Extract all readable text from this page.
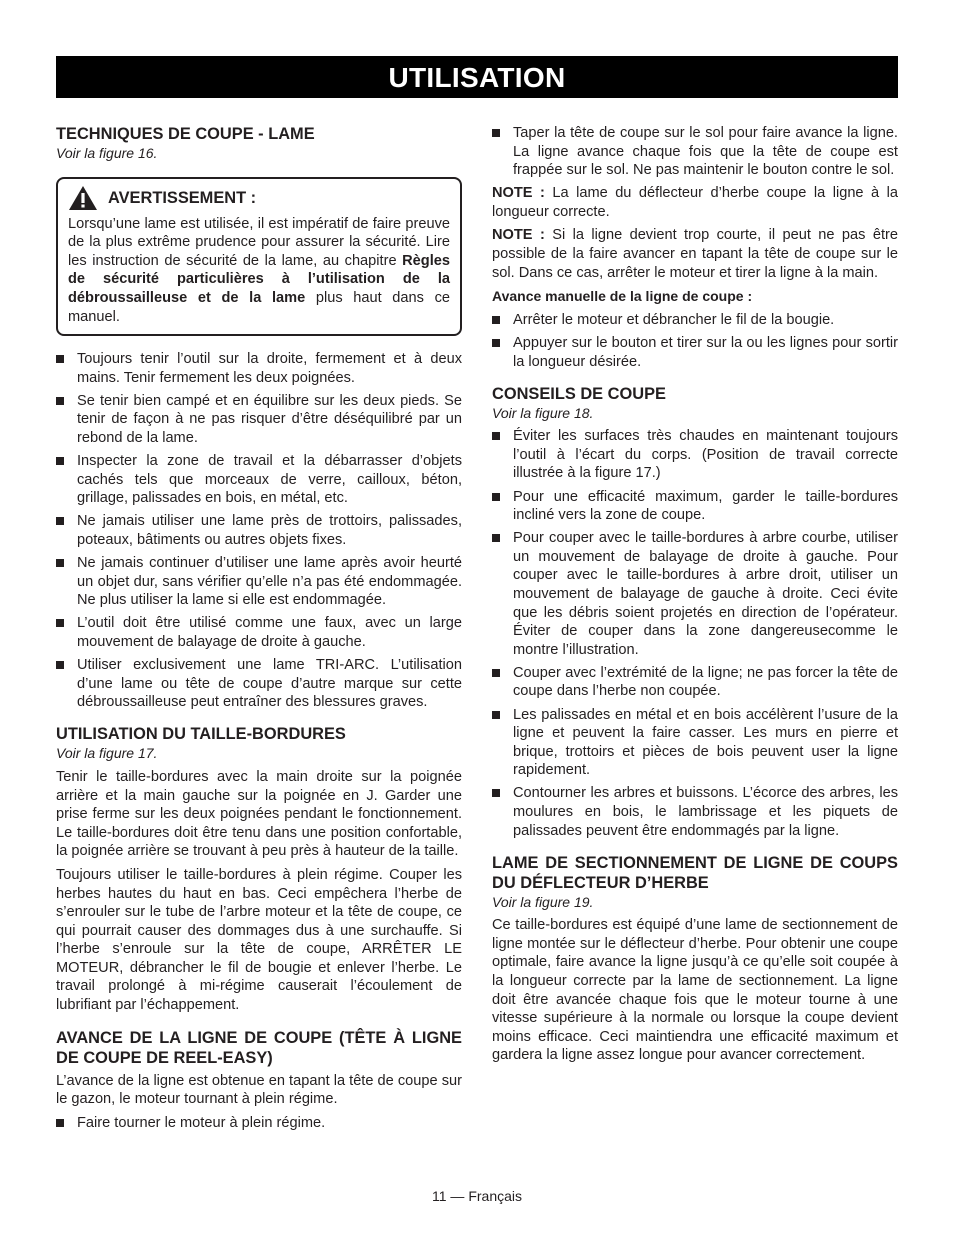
UTILISATION
TECHNIQUES DE COUPE - LAME
Voir la figure 16.
AVERTISSEMENT :

Lorsqu’une lame est utilisée, il est impératif de faire preuve de la plus extrême prudence pour assurer la sécurité. Lire les instruction de sécurité de la lame, au chapitre Règles de sécurité particulières à l’utilisation de la débroussailleuse et de la lame plus haut dans ce manuel.

Toujours tenir l’outil sur la droite, fermement et à deux mains. Tenir fermement les deux poignées.
Se tenir bien campé et en équilibre sur les deux pieds. Se tenir de façon à ne pas risquer d’être déséquilibré par un rebond de la lame.
Inspecter la zone de travail et la débarrasser d’objets cachés tels que morceaux de verre, cailloux, béton, grillage, palissades en bois, en métal, etc.
Ne jamais utiliser une lame près de trottoirs, palissades, poteaux, bâtiments ou autres objets fixes.
Ne jamais continuer d’utiliser une lame après avoir heurté un objet dur, sans vérifier qu’elle n’a pas été endommagée. Ne plus utiliser la lame si elle est endommagée.
L’outil doit être utilisé comme une faux, avec un large mouvement de balayage de droite à gauche.
Utiliser exclusivement une lame TRI-ARC. L’utilisation d’une lame ou tête de coupe d’autre marque sur cette débroussailleuse peut entraîner des blessures graves.
UTILISATION DU TAILLE-BORDURES
Voir la figure 17.

Tenir le taille-bordures avec la main droite sur la poignée arrière et la main gauche sur la poignée en J. Garder une prise ferme sur les deux poignées pendant le fonctionnement. Le taille-bordures doit être tenu dans une position confortable, la poignée arrière se trouvant à peu près à hauteur de la taille.

Toujours utiliser le taille-bordures à plein régime. Couper les herbes hautes du haut en bas. Ceci empêchera l’herbe de s’enrouler sur le tube de l’arbre moteur et la tête de coupe, ce qui pourrait causer des dommages dus à une surchauffe. Si l’herbe s’enroule sur la tête de coupe, ARRÊTER LE MOTEUR, débrancher le fil de bougie et enlever l’herbe. Le travail prolongé à mi-régime causerait l’écoulement de lubrifiant par l’échappement.

AVANCE DE LA LIGNE DE COUPE (TÊTE À LIGNE DE COUPE DE REEL-EASY)

L’avance de la ligne est obtenue en tapant la tête de coupe sur le gazon, le moteur tournant à plein régime.

Faire tourner le moteur à plein régime.
Taper la tête de coupe sur le sol pour faire avance la ligne. La ligne avance chaque fois que la tête de coupe est frappée sur le sol. Ne pas maintenir le bouton contre le sol.

NOTE : La lame du déflecteur d’herbe coupe la ligne à la longueur correcte.

NOTE : Si la ligne devient trop courte, il peut ne pas être possible de la faire avancer en tapant la tête de coupe sur le sol. Dans ce cas, arrêter le moteur et tirer la ligne à la main.

Avance manuelle de la ligne de coupe :
Arrêter le moteur et débrancher le fil de la bougie.
Appuyer sur le bouton et tirer sur la ou les lignes pour sortir la longueur désirée.
CONSEILS DE COUPE
Voir la figure 18.
Éviter les surfaces très chaudes en maintenant toujours l’outil à l’écart du corps. (Position de travail correcte illustrée à la figure 17.)
Pour une efficacité maximum, garder le taille-bordures incliné vers la zone de coupe.
Pour couper avec le taille-bordures à arbre courbe, utiliser un mouvement de balayage de droite à gauche. Pour couper avec le taille-bordures à arbre droit, utiliser un mouvement de balayage de gauche à droite. Ceci évite que les débris soient projetés en direction de l’opérateur. Éviter de couper dans la zone dangereusecomme le montre l’illustration.
Couper avec l’extrémité de la ligne; ne pas forcer la tête de coupe dans l’herbe non coupée.
Les palissades en métal et en bois accélèrent l’usure de la ligne et peuvent la faire casser. Les murs en pierre et brique, trottoirs et pièces de bois peuvent user la ligne rapidement.
Contourner les arbres et buissons. L’écorce des arbres, les moulures en bois, le lambrissage et les piquets de palissades peuvent être endommagés par la ligne.
LAME DE SECTIONNEMENT DE LIGNE DE COUPS DU DÉFLECTEUR D’HERBE
Voir la figure 19.

Ce taille-bordures est équipé d’une lame de sectionnement de ligne montée sur le déflecteur d’herbe. Pour obtenir une coupe optimale, faire avance la ligne jusqu’à ce qu’elle soit coupée à la longueur correcte par la lame de sectionnement. La ligne doit être avancée chaque fois que le moteur tourne à une vitesse supérieure à la normale ou lorsque la coupe devient moins efficace. Ceci maintiendra une efficacité maximum et gardera la ligne assez longue pour avancer correctement.

11 — Français
